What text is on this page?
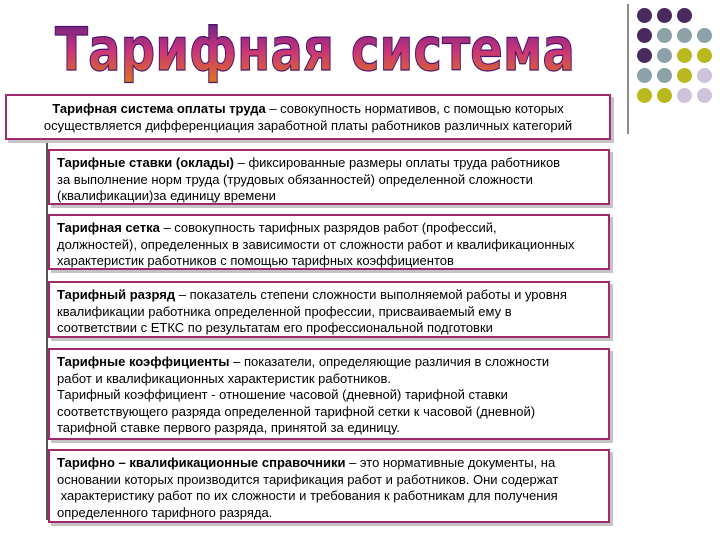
Тарифная система
Тарифная система оплаты труда – совокупность нормативов, с помощью которых
осуществляется дифференциация заработной платы работников различных категорий
Тарифные ставки (оклады) – фиксированные размеры оплаты труда работников
за выполнение норм труда (трудовых обязанностей) определенной сложности
(квалификации)за единицу времени
Тарифная сетка – совокупность тарифных разрядов работ (профессий,
должностей), определенных в зависимости от сложности работ и квалификационных
характеристик работников с помощью тарифных коэффициентов
Тарифный разряд – показатель степени сложности выполняемой работы и уровня
квалификации работника определенной профессии, присваиваемый ему в
соответствии с ЕТКС по результатам его профессиональной подготовки
Тарифные коэффициенты – показатели, определяющие различия в сложности
работ и квалификационных характеристик работников.
Тарифный коэффициент - отношение часовой (дневной) тарифной ставки
соответствующего разряда определенной тарифной сетки к часовой (дневной)
тарифной ставке первого разряда, принятой за единицу.
Тарифно – квалификационные справочники – это нормативные документы, на
основании которых производится тарификация работ и работников. Они содержат
характеристику работ по их сложности и требования к работникам для получения
определенного тарифного разряда.
